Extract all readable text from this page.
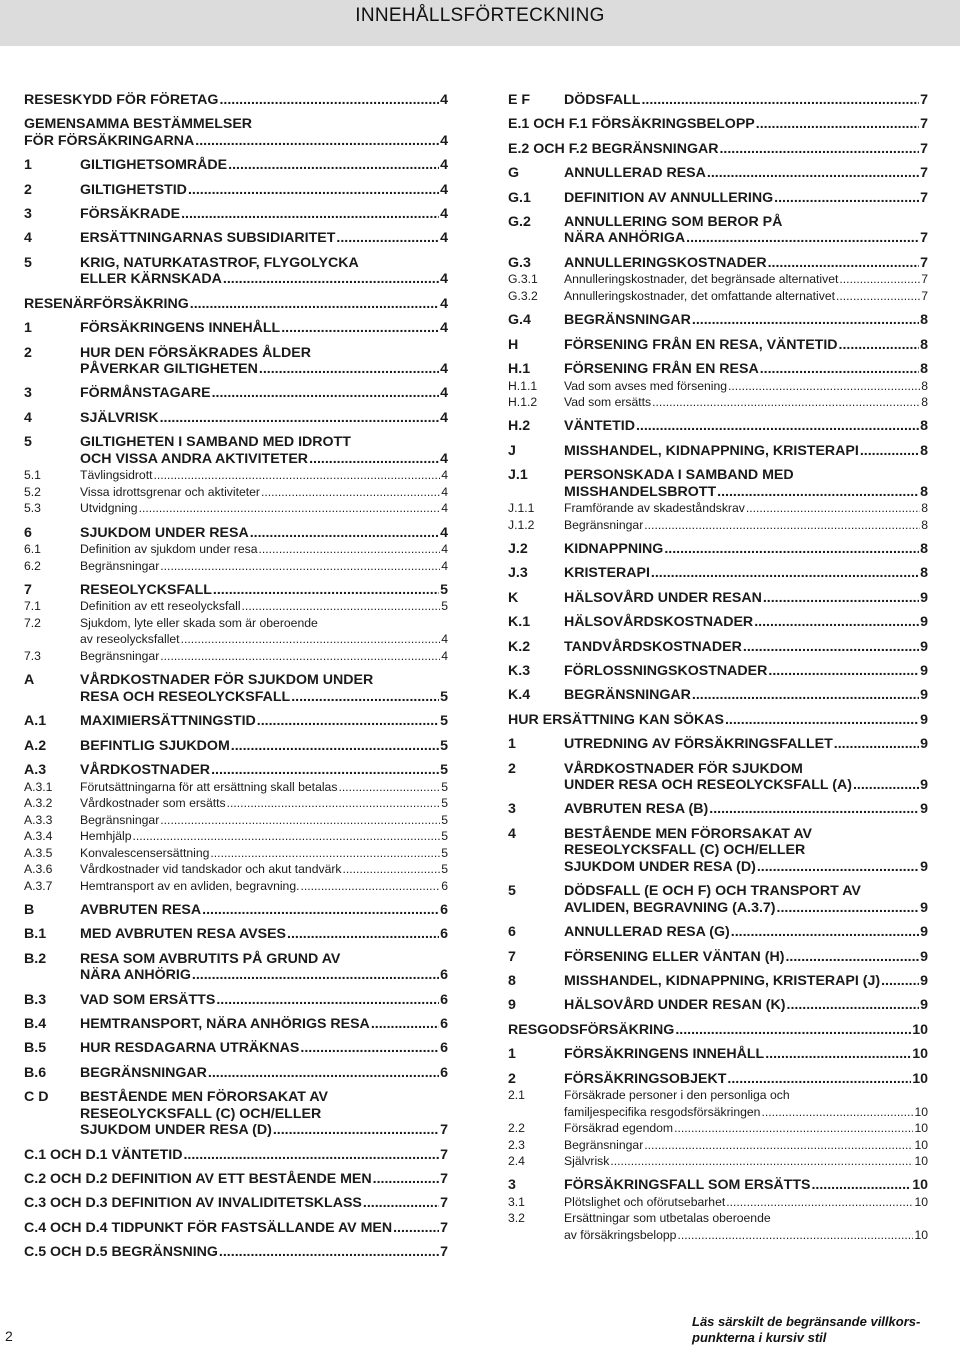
INNEHÅLLSFÖRTECKNING
RESESKYDD FÖR FÖRETAG .....	4
GEMENSAMMA BESTÄMMELSER
FÖR FÖRSÄKRINGARNA .....	4
1	GILTIGHETSOMRÅDE .....	4
2	GILTIGHETSTID .....	4
3	FÖRSÄKRADE .....	4
4	ERSÄTTNINGARNAS SUBSIDIARITET .....	4
5	KRIG, NATURKATASTROF, FLYGOLYCKA
ELLER KÄRNSKADA .....	4
RESENÄRFÖRSÄKRING .....	4
1	FÖRSÄKRINGENS INNEHÅLL .....	4
2	HUR DEN FÖRSÄKRADES ÅLDER
PÅVERKAR GILTIGHETEN .....	4
3	FÖRMÅNSTAGARE .....	4
4	SJÄLVRISK .....	4
5	GILTIGHETEN I SAMBAND MED IDROTT
OCH VISSA ANDRA AKTIVITETER .....	4
5.1	Tävlingsidrott .....	4
5.2	Vissa idrottsgrenar och aktiviteter .....	4
5.3	Utvidgning .....	4
6	SJUKDOM UNDER RESA .....	4
6.1	Definition av sjukdom under resa .....	4
6.2	Begränsningar .....	4
7	RESEOLYCKSFALL .....	5
7.1	Definition av ett reseolycksfall .....	5
7.2	Sjukdom, lyte eller skada som är oberoende
av reseolycksfallet .....	4
7.3	Begränsningar .....	4
A	VÅRDKOSTNADER FÖR SJUKDOM UNDER
RESA OCH RESEOLYCKSFALL .....	5
A.1 MAXIMIERSÄTTNINGSTID .....	5
A.2 BEFINTLIG SJUKDOM .....	5
A.3 VÅRDKOSTNADER .....	5
A.3.1 Förutsättningarna för att ersättning skall betalas .....	5
A.3.2 Vårdkostnader som ersätts .....	5
A.3.3 Begränsningar .....	5
A.3.4 Hemhjälp .....	5
A.3.5 Konvalescensersättning .....	5
A.3.6 Vårdkostnader vid tandskador och akut tandvärk .....	5
A.3.7 Hemtransport av en avliden, begravning. .....	6
B	AVBRUTEN RESA .....	6
B.1 MED AVBRUTEN RESA AVSES .....	6
B.2 RESA SOM AVBRUTITS PÅ GRUND AV
NÄRA ANHÖRIG .....	6
B.3 VAD SOM ERSÄTTS .....	6
B.4 HEMTRANSPORT, NÄRA ANHÖRIGS RESA .....	6
B.5 HUR RESDAGARNA UTRÄKNAS .....	6
B.6 BEGRÄNSNINGAR .....	6
C D BESTÅENDE MEN FÖRORSAKAT AV
RESEOLYCKSFALL (C) OCH/ELLER
SJUKDOM UNDER RESA (D) .....	7
C.1 OCH D.1 VÄNTETID .....	7
C.2 OCH D.2 DEFINITION AV ETT BESTÅENDE MEN .....	7
C.3 OCH D.3 DEFINITION AV INVALIDITETSKLASS .....	7
C.4 OCH D.4 TIDPUNKT FÖR FASTSÄLLANDE AV MEN .....	7
C.5 OCH D.5 BEGRÄNSNING .....	7
E F DÖDSFALL .....	7
E.1 OCH F.1 FÖRSÄKRINGSBELOPP .....	7
E.2 OCH F.2 BEGRÄNSNINGAR .....	7
G	ANNULLERAD RESA .....	7
G.1 DEFINITION AV ANNULLERING .....	7
G.2 ANNULLERING SOM BEROR PÅ
NÄRA ANHÖRIGA .....	7
G.3 ANNULLERINGSKOSTNADER .....	7
G.3.1 Annulleringskostnader, det begränsade alternativet .....	7
G.3.2 Annulleringskostnader, det omfattande alternativet .....	7
G.4 BEGRÄNSNINGAR .....	8
H	FÖRSENING FRÅN EN RESA, VÄNTETID .....	8
H.1 FÖRSENING FRÅN EN RESA .....	8
H.1.1 Vad som avses med försening .....	8
H.1.2 Vad som ersätts .....	8
H.2 VÄNTETID .....	8
J	MISSHANDEL, KIDNAPPNING, KRISTERAPI .....	8
J.1	PERSONSKADA I SAMBAND MED
MISSHANDELSBROTT .....	8
J.1.1 Framförande av skadeståndskrav .....	8
J.1.2 Begränsningar .....	8
J.2	KIDNAPPNING .....	8
J.3	KRISTERAPI .....	8
K	HÄLSOVÅRD UNDER RESAN .....	9
K.1 HÄLSOVÅRDSKOSTNADER .....	9
K.2 TANDVÅRDSKOSTNADER .....	9
K.3 FÖRLOSSNINGSKOSTNADER .....	9
K.4 BEGRÄNSNINGAR .....	9
HUR ERSÄTTNING KAN SÖKAS .....	9
1	UTREDNING AV FÖRSÄKRINGSFALLET .....	9
2	VÅRDKOSTNADER FÖR SJUKDOM
UNDER RESA OCH RESEOLYCKSFALL (A) .....	9
3	AVBRUTEN RESA (B) .....	9
4	BESTÅENDE MEN FÖRORSAKAT AV
RESEOLYCKSFALL (C) OCH/ELLER
SJUKDOM UNDER RESA (D) .....	9
5	DÖDSFALL (E OCH F) OCH TRANSPORT AV
AVLIDEN, BEGRAVNING (A.3.7) .....	9
6	ANNULLERAD RESA (G) .....	9
7	FÖRSENING ELLER VÄNTAN (H) .....	9
8	MISSHANDEL, KIDNAPPNING, KRISTERAPI (J) .....	9
9	HÄLSOVÅRD UNDER RESAN (K) .....	9
RESGODSFÖRSÄKRING .....	10
1	FÖRSÄKRINGENS INNEHÅLL .....	10
2	FÖRSÄKRINGSOBJEKT .....	10
2.1	Försäkrade personer i den personliga och
familjespecifika resgodsförsäkringen .....	10
2.2	Försäkrad egendom .....	10
2.3	Begränsningar .....	10
2.4	Självrisk .....	10
3	FÖRSÄKRINGSFALL SOM ERSÄTTS .....	10
3.1	Plötslighet och oförutsebarhet .....	10
3.2	Ersättningar som utbetalas oberoende
av försäkringsbelopp .....	10
Läs särskilt de begränsande villkors-
punkterna i kursiv stil
2
